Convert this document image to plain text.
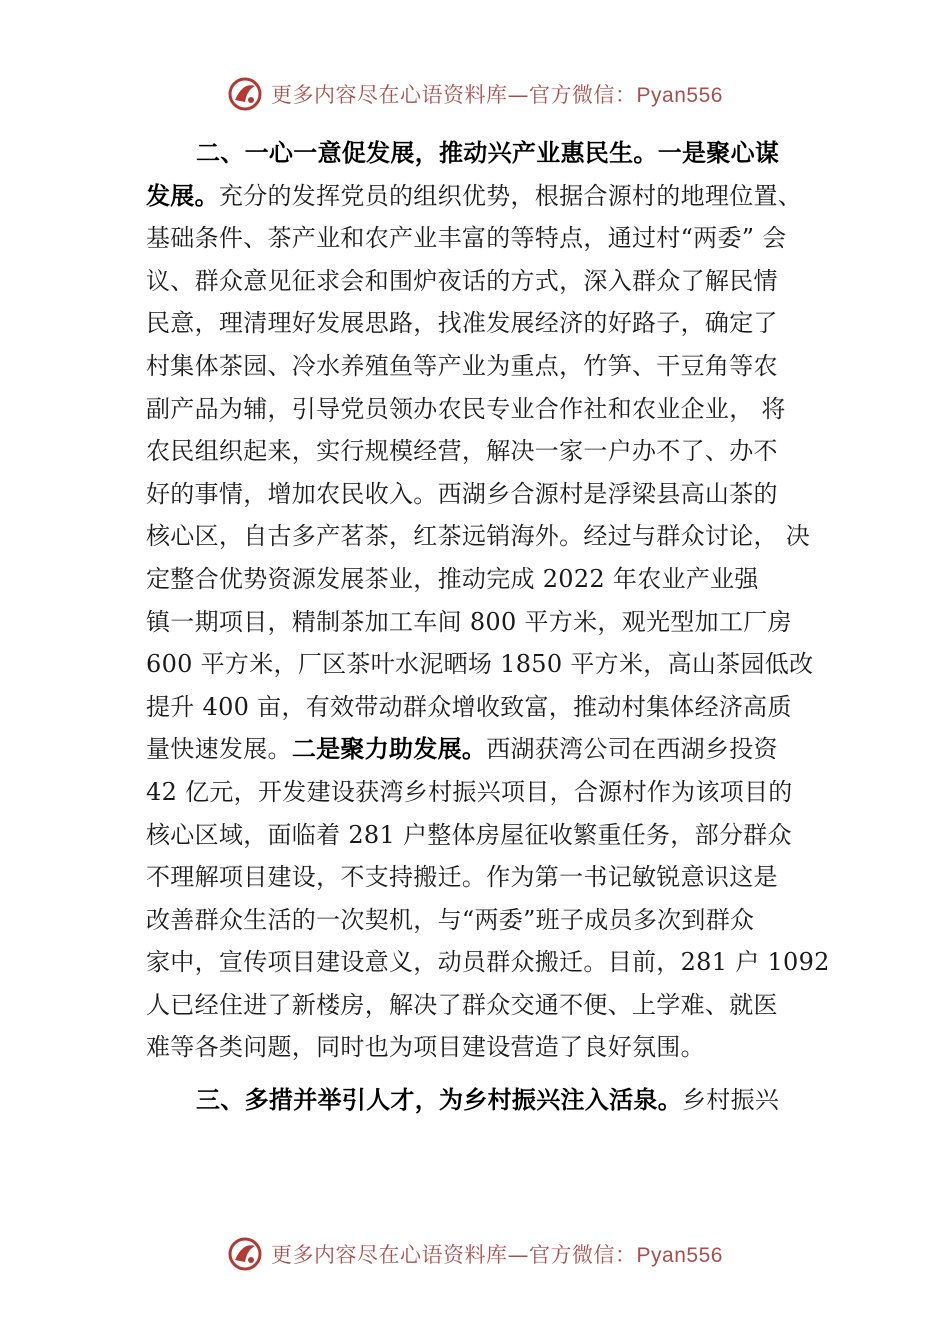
更多内容尽在心语资料库—官方微信：Pyan556
二、一心一意促发展，推动兴产业惠民生。一是聚心谋
发展。充分的发挥党员的组织优势，根据合源村的地理位置、
基础条件、茶产业和农产业丰富的等特点，通过村“两委” 会
议、群众意见征求会和围炉夜话的方式，深入群众了解民情
民意，理清理好发展思路，找准发展经济的好路子，确定了
村集体茶园、冷水养殖鱼等产业为重点，竹笋、干豆角等农
副产品为辅，引导党员领办农民专业合作社和农业企业， 将
农民组织起来，实行规模经营，解决一家一户办不了、办不
好的事情，增加农民收入。西湖乡合源村是浮梁县高山茶的
核心区，自古多产茗茶，红茶远销海外。经过与群众讨论， 决
定整合优势资源发展茶业，推动完成 2022 年农业产业强
镇一期项目，精制茶加工车间 800 平方米，观光型加工厂房
600 平方米，厂区茶叶水泥晒场 1850 平方米，高山茶园低改
提升 400 亩，有效带动群众增收致富，推动村集体经济高质
量快速发展。二是聚力助发展。西湖获湾公司在西湖乡投资
42 亿元，开发建设获湾乡村振兴项目，合源村作为该项目的
核心区域，面临着 281 户整体房屋征收繁重任务，部分群众
不理解项目建设，不支持搬迁。作为第一书记敏锐意识这是
改善群众生活的一次契机，与“两委”班子成员多次到群众
家中，宣传项目建设意义，动员群众搬迁。目前，281 户 1092
人已经住进了新楼房，解决了群众交通不便、上学难、就医
难等各类问题，同时也为项目建设营造了良好氛围。
三、多措并举引人才，为乡村振兴注入活泉。乡村振兴
更多内容尽在心语资料库—官方微信：Pyan556
